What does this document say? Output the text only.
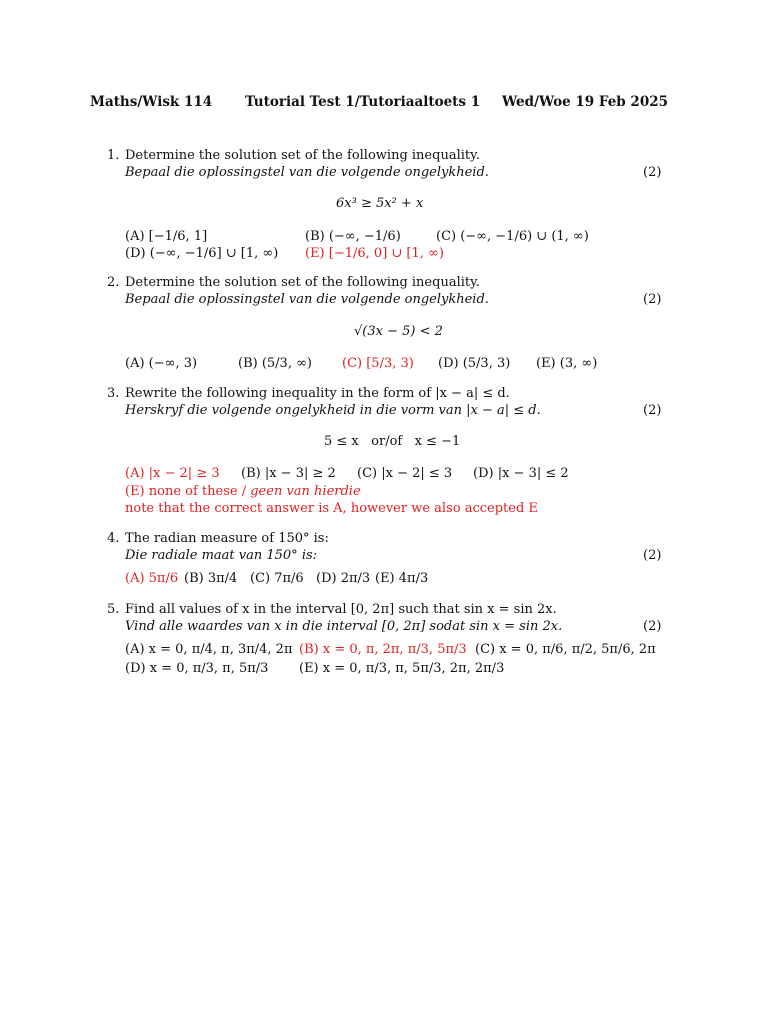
Maths/Wisk 114 Tutorial Test 1/Tutoriaaltoets 1 Wed/Woe 19 Feb 2025
1. Determine the solution set of the following inequality.
Bepaal die oplossingstel van die volgende ongelykheid.	(2)
6x³ ≥ 5x² + x
(A) [−1/6, 1]	(B) (−∞, −1/6)	(C) (−∞, −1/6) ∪ (1, ∞)
(D) (−∞, −1/6] ∪ [1, ∞) (E) [−1/6, 0] ∪ [1, ∞)
2. Determine the solution set of the following inequality.
Bepaal die oplossingstel van die volgende ongelykheid.	(2)
√(3x − 5) < 2
(A) (−∞, 3)	(B) (5/3, ∞) (C) [5/3, 3) (D) (5/3, 3) (E) (3, ∞)
3. Rewrite the following inequality in the form of |x − a| ≤ d.
Herskryf die volgende ongelykheid in die vorm van |x − a| ≤ d.	(2)
5 ≤ x   or/of   x ≤ −1
(A) |x − 2| ≥ 3 (B) |x − 3| ≥ 2 (C) |x − 2| ≤ 3 (D) |x − 3| ≤ 2
(E) none of these / geen van hierdie
note that the correct answer is A, however we also accepted E
4. The radian measure of 150° is:
Die radiale maat van 150° is:	(2)
(A) 5π/6 (B) 3π/4 (C) 7π/6 (D) 2π/3 (E) 4π/3
5. Find all values of x in the interval [0, 2π] such that sin x = sin 2x.
Vind alle waardes van x in die interval [0, 2π] sodat sin x = sin 2x.	(2)
(A) x = 0, π/4, π, 3π/4, 2π (B) x = 0, π, 2π, π/3, 5π/3 (C) x = 0, π/6, π/2, 5π/6, 2π
(D) x = 0, π/3, π, 5π/3 (E) x = 0, π/3, π, 5π/3, 2π, 2π/3
